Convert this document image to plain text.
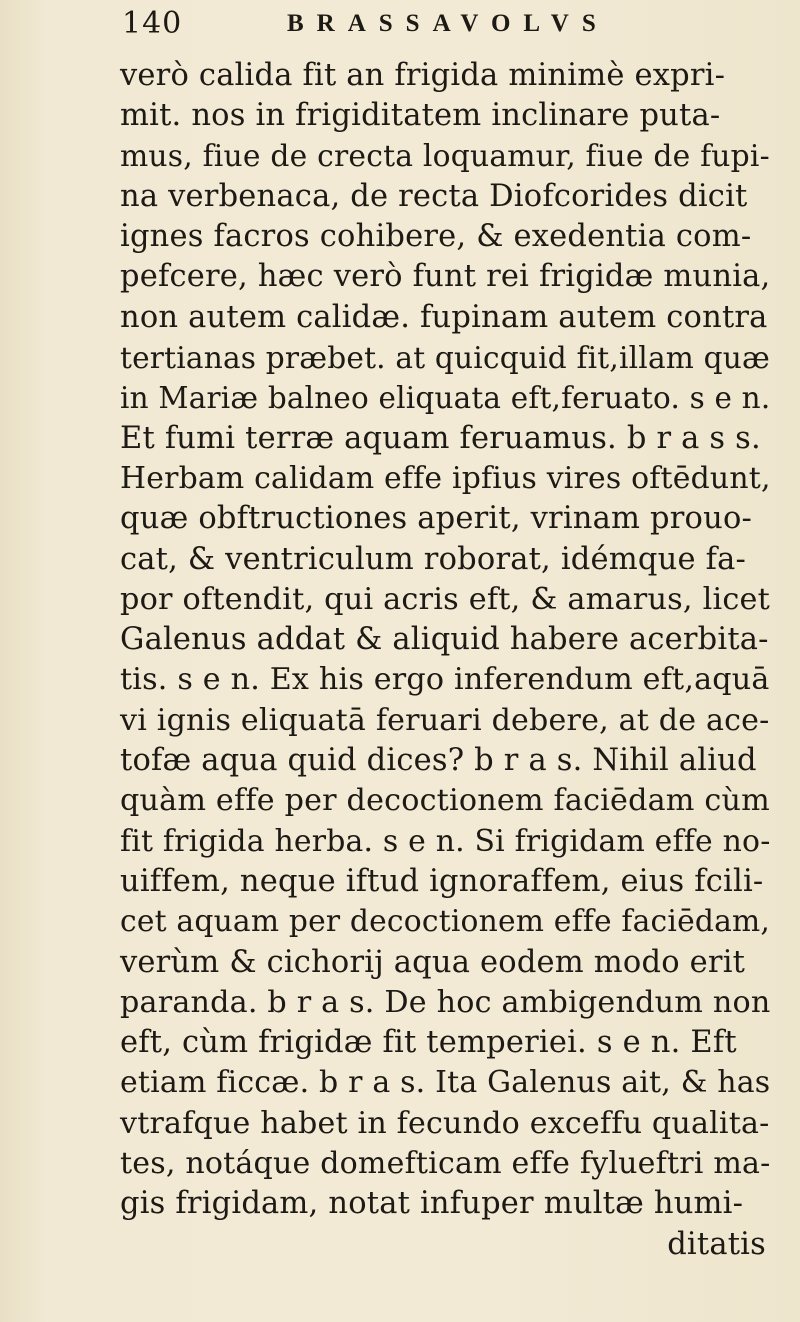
140	BRASSAVOLVS
verò calida fit an frigida minimè expri-
mit. nos in frigiditatem inclinare puta-
mus, fiue de crecta loquamur, fiue de fupi-
na verbenaca, de recta Diofcorides dicit
ignes facros cohibere, & exedentia com-
pefcere, hæc verò funt rei frigidæ munia,
non autem calidæ. fupinam autem contra
tertianas præbet. at quicquid fit,illam quæ
in Mariæ balneo eliquata eft,feruato. s e n.
Et fumi terræ aquam feruamus. b r a s s.
Herbam calidam effe ipfius vires oftēdunt,
quæ obftructiones aperit, vrinam prouo-
cat, & ventriculum roborat, idémque fa-
por oftendit, qui acris eft, & amarus, licet
Galenus addat & aliquid habere acerbita-
tis. s e n. Ex his ergo inferendum eft,aquā
vi ignis eliquatā feruari debere, at de ace-
tofæ aqua quid dices? b r a s. Nihil aliud
quàm effe per decoctionem faciēdam cùm
fit frigida herba. s e n. Si frigidam effe no-
uiffem, neque iftud ignoraffem, eius fcili-
cet aquam per decoctionem effe faciēdam,
verùm & cichorij aqua eodem modo erit
paranda. b r a s. De hoc ambigendum non
eft, cùm frigidæ fit temperiei. s e n. Eft
etiam ficcæ. b r a s. Ita Galenus ait, & has
vtrafque habet in fecundo exceffu qualita-
tes, notáque domefticam effe fylueftri ma-
gis frigidam, notat infuper multæ humi-
ditatis
